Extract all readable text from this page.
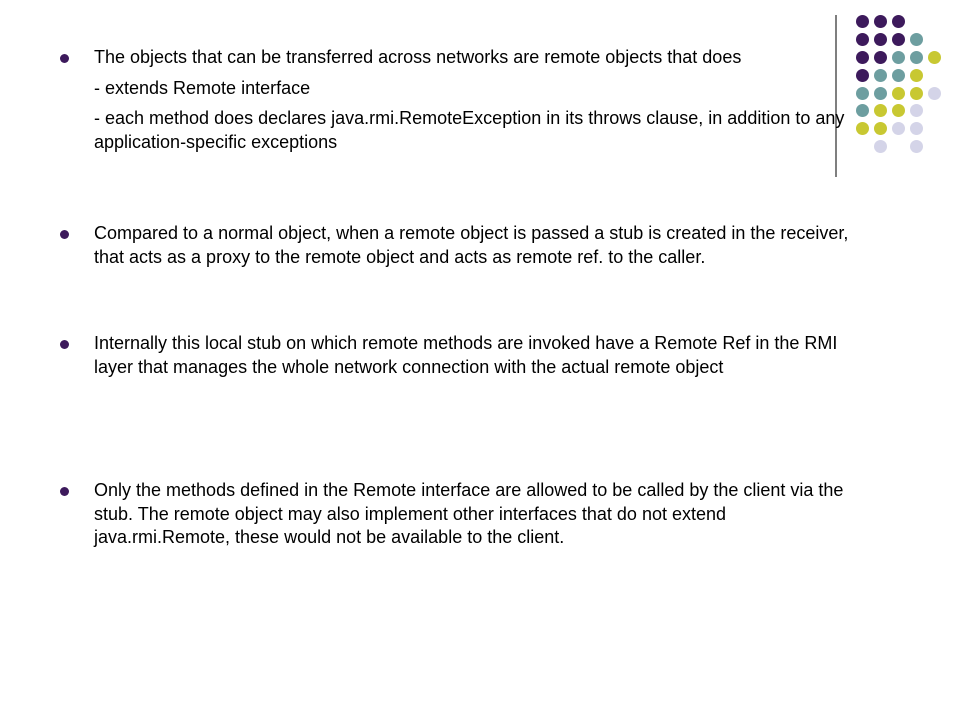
The objects that can be transferred across networks are remote objects that does

- extends Remote interface

- each method does declares java.rmi.RemoteException in its throws clause, in addition to any application-specific exceptions

Compared to a normal object, when a remote object is passed a stub is created in the receiver, that acts as a proxy to the remote object and acts as remote ref. to the caller.

Internally this local stub on which remote methods are invoked have a Remote Ref in the RMI layer that manages the whole network connection with the actual remote object

Only the methods defined in the Remote interface are allowed to be called by the client via the stub. The remote object may also implement other interfaces that do not extend java.rmi.Remote, these would not be available to the client.
